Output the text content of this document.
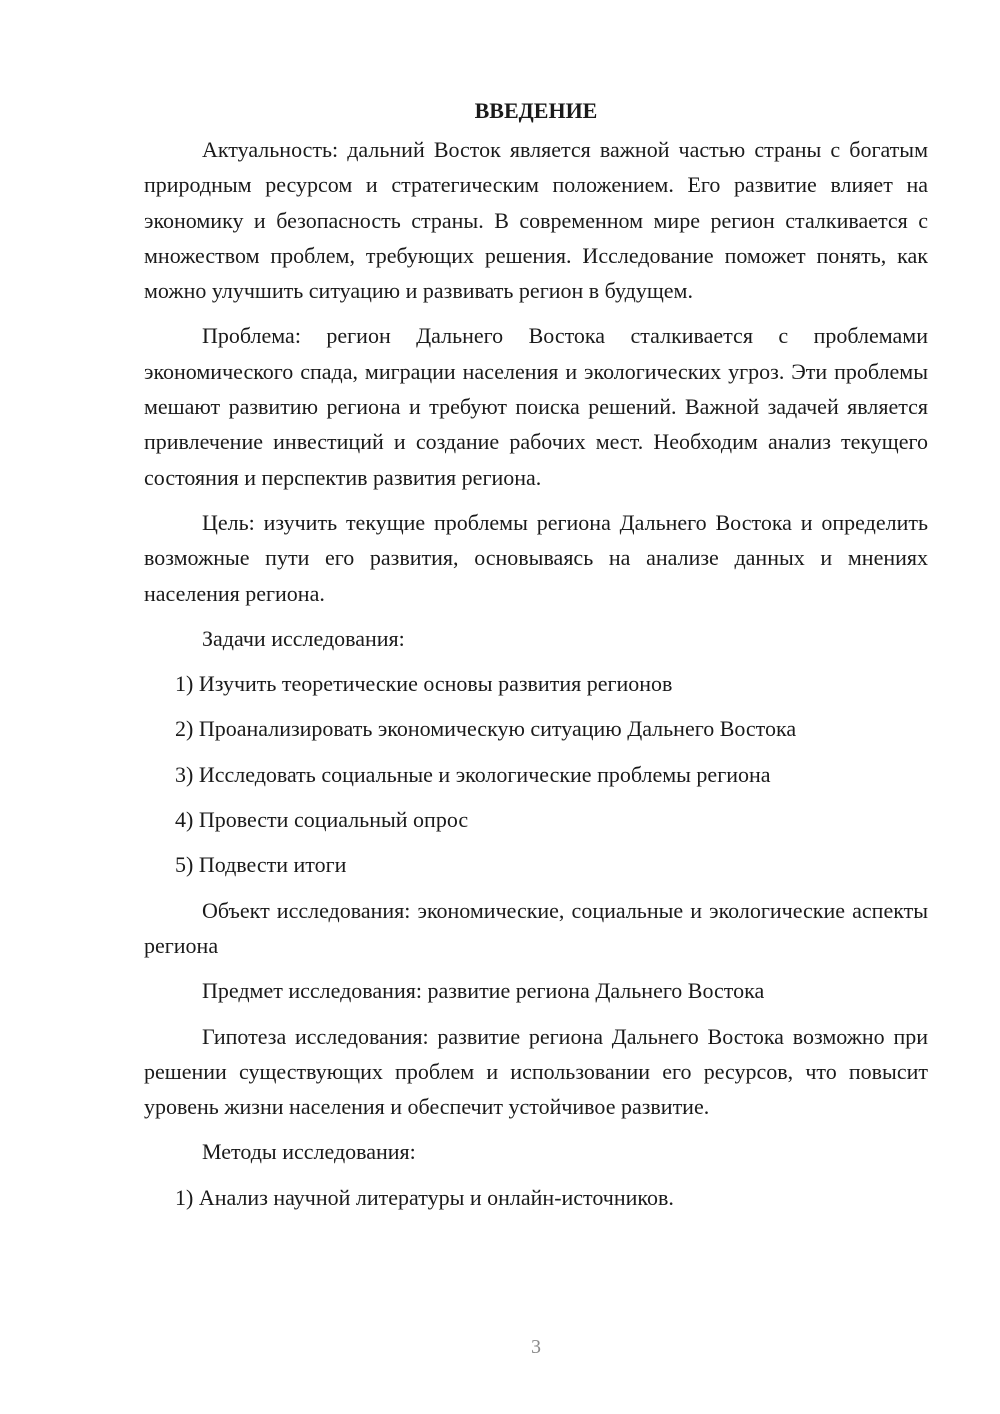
ВВЕДЕНИЕ

Актуальность: дальний Восток является важной частью страны с богатым природным ресурсом и стратегическим положением. Его развитие влияет на экономику и безопасность страны. В современном мире регион сталкивается с множеством проблем, требующих решения. Исследование поможет понять, как можно улучшить ситуацию и развивать регион в будущем.

Проблема: регион Дальнего Востока сталкивается с проблемами экономического спада, миграции населения и экологических угроз. Эти проблемы мешают развитию региона и требуют поиска решений. Важной задачей является привлечение инвестиций и создание рабочих мест. Необходим анализ текущего состояния и перспектив развития региона.

Цель: изучить текущие проблемы региона Дальнего Востока и определить возможные пути его развития, основываясь на анализе данных и мнениях населения региона.

Задачи исследования:

1) Изучить теоретические основы развития регионов
2) Проанализировать экономическую ситуацию Дальнего Востока
3) Исследовать социальные и экологические проблемы региона
4) Провести социальный опрос
5) Подвести итоги

Объект исследования: экономические, социальные и экологические аспекты региона

Предмет исследования: развитие региона Дальнего Востока

Гипотеза исследования: развитие региона Дальнего Востока возможно при решении существующих проблем и использовании его ресурсов, что повысит уровень жизни населения и обеспечит устойчивое развитие.

Методы исследования:

1) Анализ научной литературы и онлайн-источников.
3
